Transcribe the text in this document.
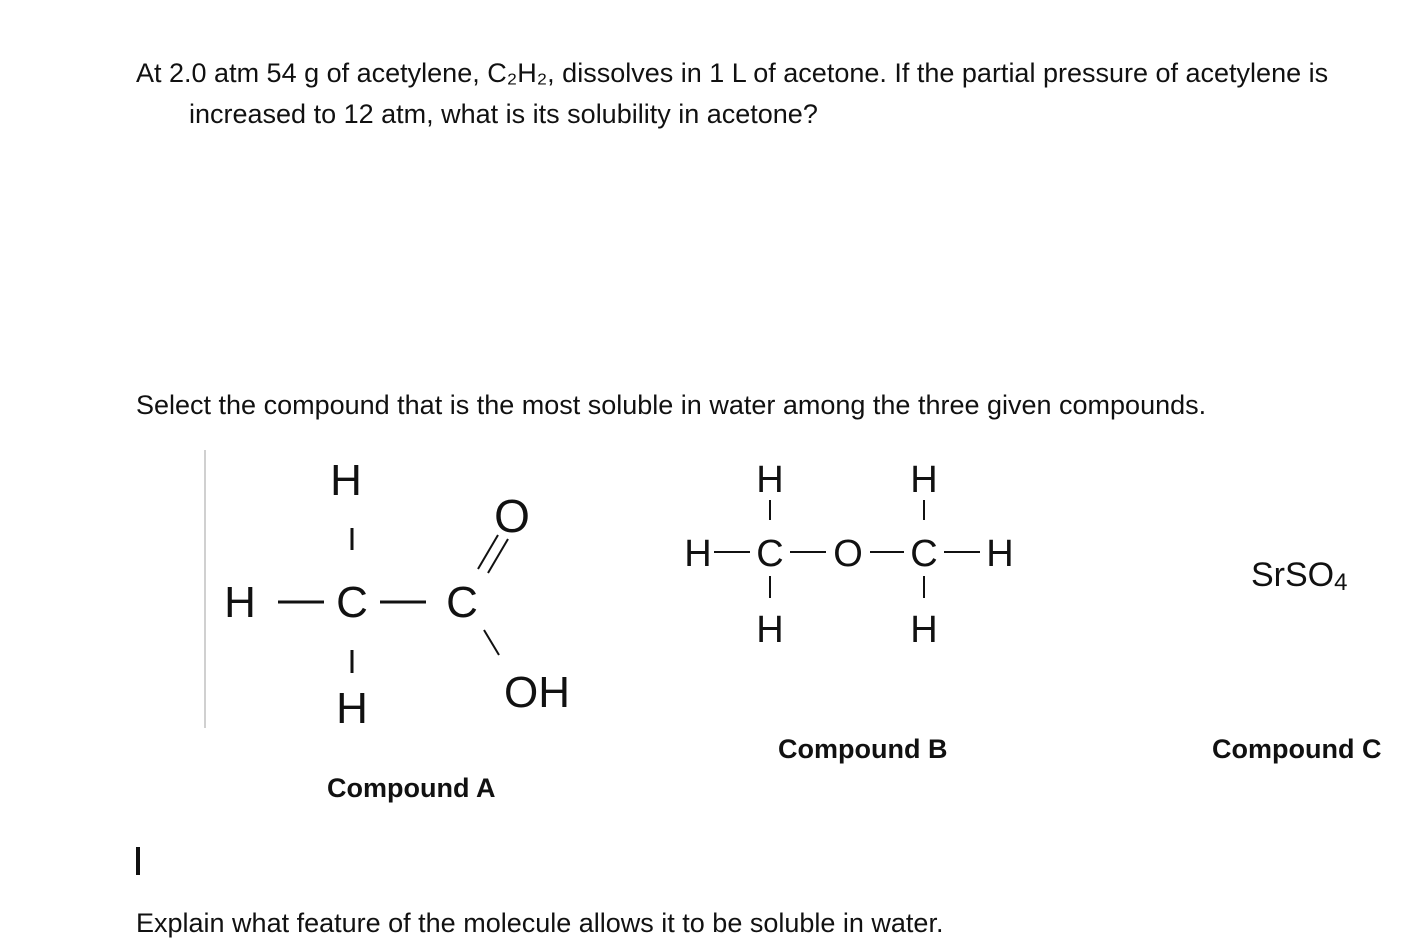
At 2.0 atm 54 g of acetylene, C₂H₂, dissolves in 1 L of acetone. If the partial pressure of acetylene is
increased to 12 atm, what is its solubility in acetone?
Select the compound that is the most soluble in water among the three given compounds.
H
H C C
O
H	OH
Compound A
H	H
H C O C H
H	H
Compound B
SrSO4
Compound C
Explain what feature of the molecule allows it to be soluble in water.
